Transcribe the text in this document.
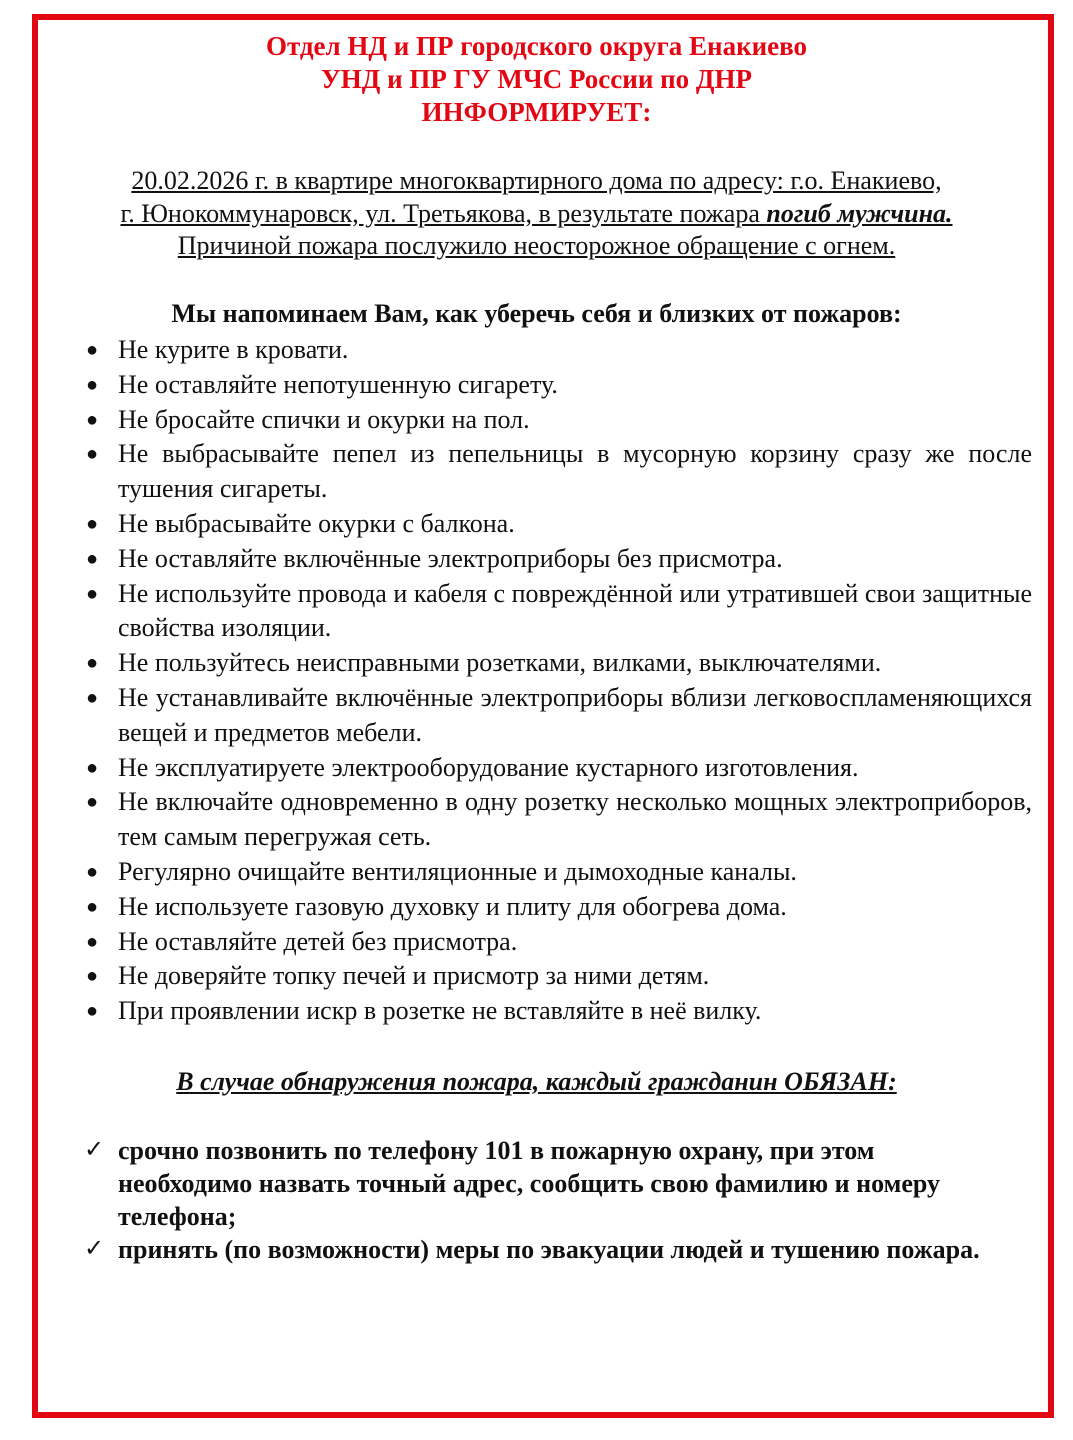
Отдел НД и ПР городского округа Енакиево
УНД и ПР ГУ МЧС России по ДНР
ИНФОРМИРУЕТ:
20.02.2026 г. в квартире многоквартирного дома по адресу: г.о. Енакиево,
г. Юнокоммунаровск, ул. Третьякова, в результате пожара погиб мужчина.
Причиной пожара послужило неосторожное обращение с огнем.
Мы напоминаем Вам, как уберечь себя и близких от пожаров:
● Не курите в кровати.
● Не оставляйте непотушенную сигарету.
● Не бросайте спички и окурки на пол.
● Не выбрасывайте пепел из пепельницы в мусорную корзину сразу же после тушения сигареты.
● Не выбрасывайте окурки с балкона.
● Не оставляйте включённые электроприборы без присмотра.
● Не используйте провода и кабеля с повреждённой или утратившей свои защитные свойства изоляции.
● Не пользуйтесь неисправными розетками, вилками, выключателями.
● Не устанавливайте включённые электроприборы вблизи легковоспламеняющихся вещей и предметов мебели.
● Не эксплуатируете электрооборудование кустарного изготовления.
● Не включайте одновременно в одну розетку несколько мощных электроприборов, тем самым перегружая сеть.
● Регулярно очищайте вентиляционные и дымоходные каналы.
● Не используете газовую духовку и плиту для обогрева дома.
● Не оставляйте детей без присмотра.
● Не доверяйте топку печей и присмотр за ними детям.
● При проявлении искр в розетке не вставляйте в неё вилку.
В случае обнаружения пожара, каждый гражданин ОБЯЗАН:
✓ срочно позвонить по телефону 101 в пожарную охрану, при этом необходимо назвать точный адрес, сообщить свою фамилию и номеру телефона;
✓ принять (по возможности) меры по эвакуации людей и тушению пожара.
